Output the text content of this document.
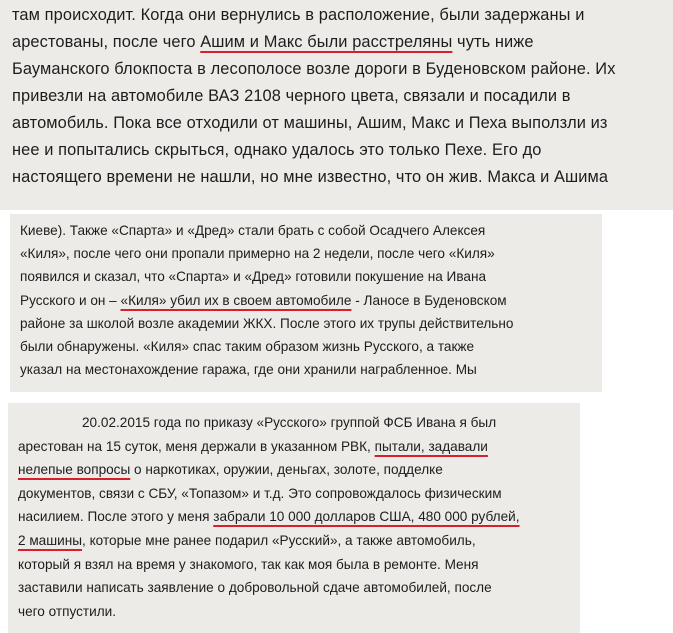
там происходит. Когда они вернулись в расположение, были задержаны и
арестованы, после чего Ашим и Макс были расстреляны чуть ниже
Бауманского блокпоста в лесополосе возле дороги в Буденовском районе. Их
привезли на автомобиле ВАЗ 2108 черного цвета, связали и посадили в
автомобиль. Пока все отходили от машины, Ашим, Макс и Пеха выползли из
нее и попытались скрыться, однако удалось это только Пехе. Его до
настоящего времени не нашли, но мне известно, что он жив. Макса и Ашима
Киеве). Также «Спарта» и «Дред» стали брать с собой Осадчего Алексея
«Киля», после чего они пропали примерно на 2 недели, после чего «Киля»
появился и сказал, что «Спарта» и «Дред» готовили покушение на Ивана
Русского и он – «Киля» убил их в своем автомобиле - Ланосе в Буденовском
районе за школой возле академии ЖКХ. После этого их трупы действительно
были обнаружены. «Киля» спас таким образом жизнь Русского, а также
указал на местонахождение гаража, где они хранили награбленное. Мы
20.02.2015 года по приказу «Русского» группой ФСБ Ивана я был
арестован на 15 суток, меня держали в указанном РВК, пытали, задавали
нелепые вопросы о наркотиках, оружии, деньгах, золоте, подделке
документов, связи с СБУ, «Топазом» и т.д. Это сопровождалось физическим
насилием. После этого у меня забрали 10 000 долларов США, 480 000 рублей,
2 машины, которые мне ранее подарил «Русский», а также автомобиль,
который я взял на время у знакомого, так как моя была в ремонте. Меня
заставили написать заявление о добровольной сдаче автомобилей, после
чего отпустили.
